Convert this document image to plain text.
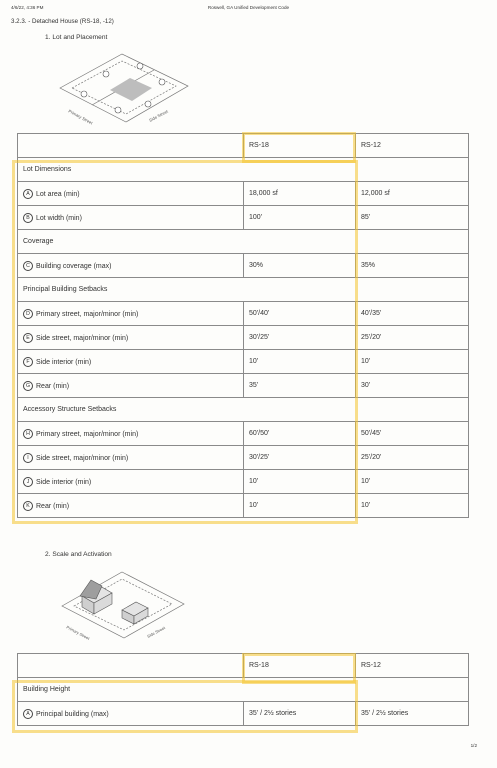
4/6/22, 4:36 PM	Roswell, GA Unified Development Code
3.2.3. - Detached House (RS-18, -12)
1. Lot and Placement
Primary Street	Side Street
	RS-18	RS-12
Lot Dimensions		
A Lot area (min)	18,000 sf	12,000 sf
B Lot width (min)	100'	85'
Coverage		
C Building coverage (max)	30%	35%
Principal Building Setbacks		
D Primary street, major/minor (min)	50'/40'	40'/35'
E Side street, major/minor (min)	30'/25'	25'/20'
F Side interior (min)	10'	10'
G Rear (min)	35'	30'
Accessory Structure Setbacks		
H Primary street, major/minor (min)	60'/50'	50'/45'
I Side street, major/minor (min)	30'/25'	25'/20'
J Side interior (min)	10'	10'
K Rear (min)	10'	10'
2. Scale and Activation
Primary Street	Side Street
	RS-18	RS-12
Building Height		
A Principal building (max)	35' / 2½ stories	35' / 2½ stories
1/2
